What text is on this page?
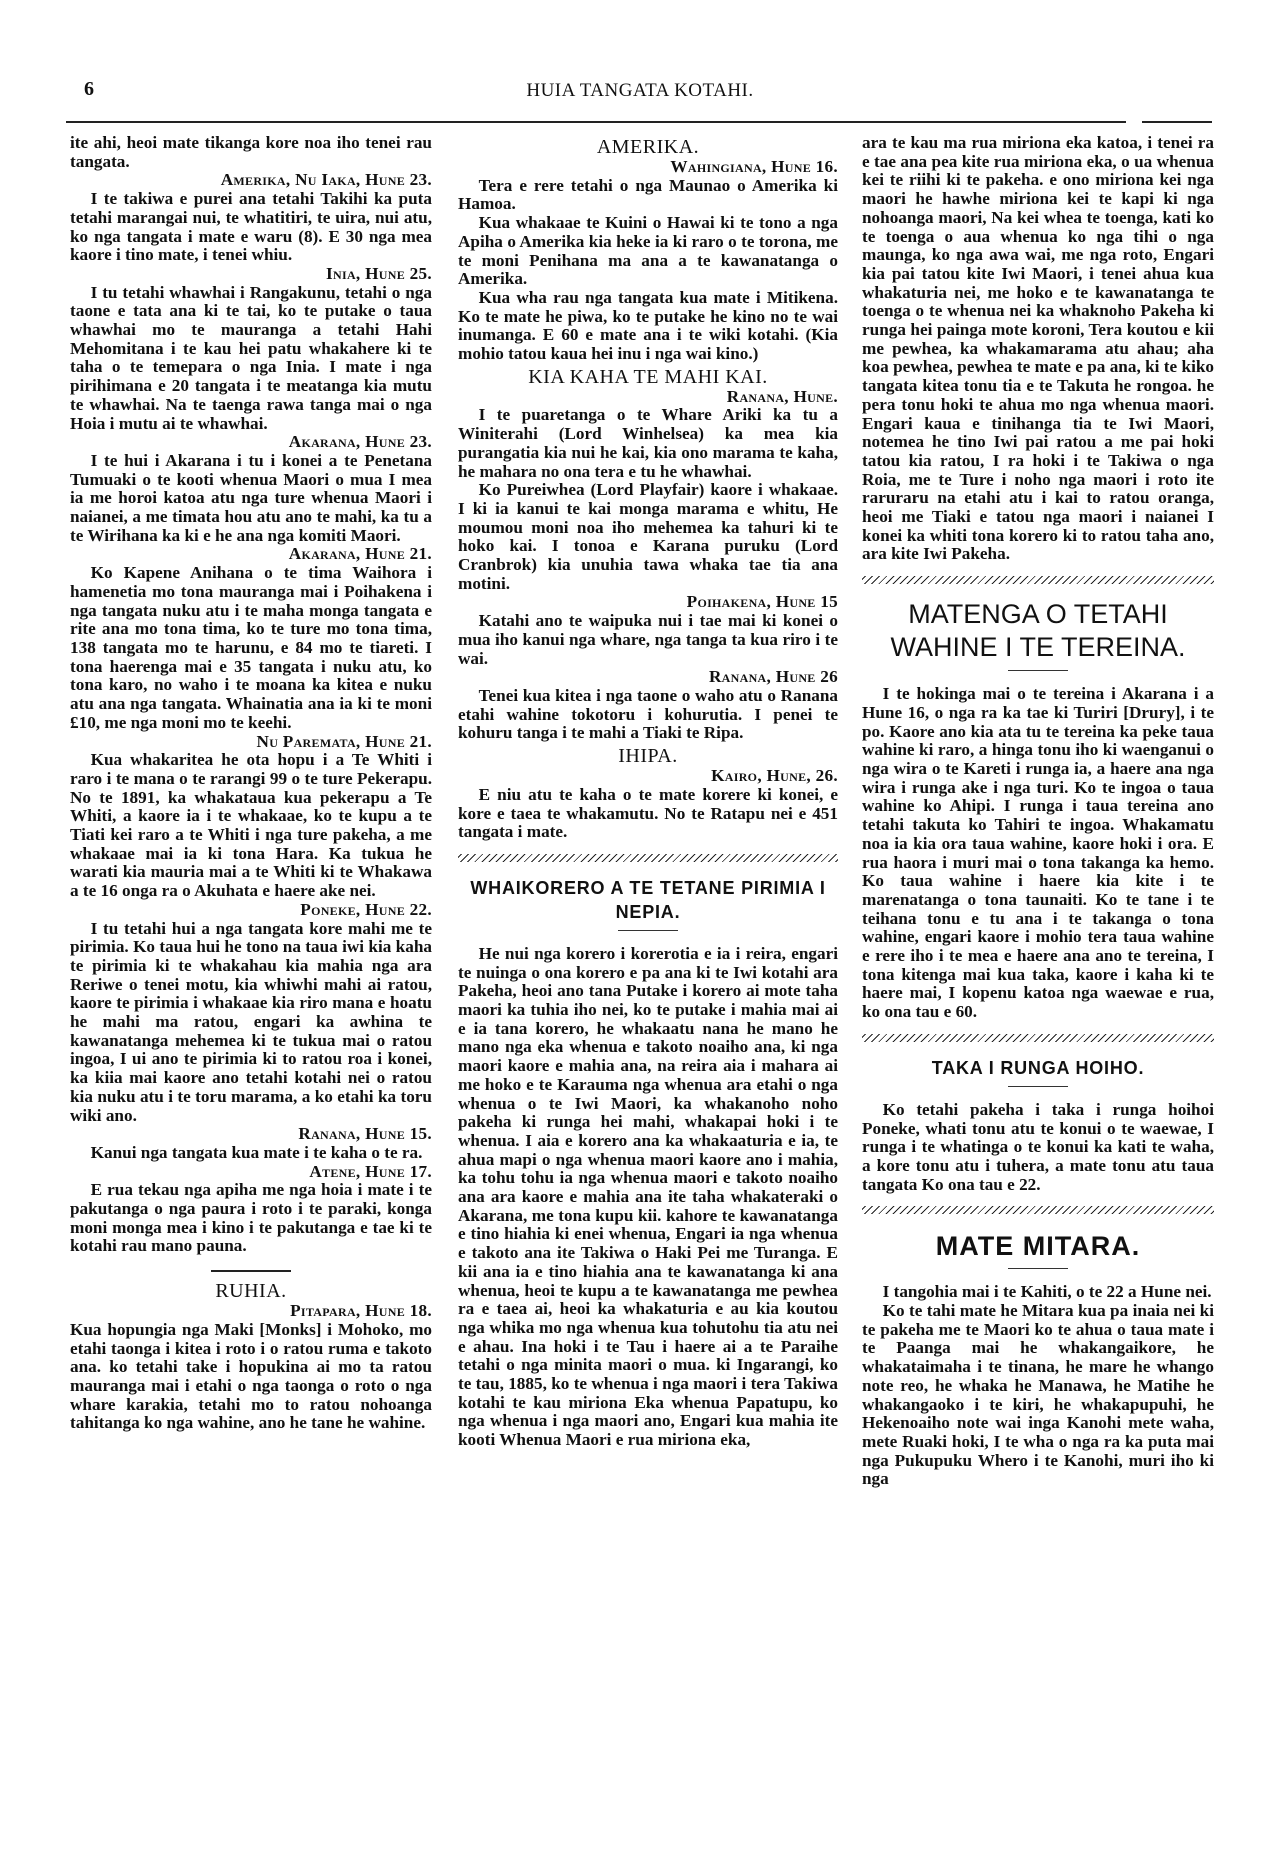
6	HUIA TANGATA KOTAHI.
ite ahi, heoi mate tikanga kore noa iho tenei rau tangata.
Amerika, Nu Iaka, Hune 23.
I te takiwa e purei ana tetahi Takihi ka puta tetahi marangai nui, te whatitiri, te uira, nui atu, ko nga tangata i mate e waru (8). E 30 nga mea kaore i tino mate, i tenei whiu.
Inia, Hune 25.
I tu tetahi whawhai i Rangakunu, tetahi o nga taone e tata ana ki te tai, ko te putake o taua whawhai mo te mauranga a tetahi Hahi Mehomitana i te kau hei patu whakahere ki te taha o te temepara o nga Inia. I mate i nga pirihimana e 20 tangata i te meatanga kia mutu te whawhai. Na te taenga rawa tanga mai o nga Hoia i mutu ai te whawhai.
Akarana, Hune 23.
I te hui i Akarana i tu i konei a te Penetana Tumuaki o te kooti whenua Maori o mua I mea ia me horoi katoa atu nga ture whenua Maori i naianei, a me timata hou atu ano te mahi, ka tu a te Wirihana ka ki e he ana nga komiti Maori.
Akarana, Hune 21.
Ko Kapene Anihana o te tima Waihora i hamenetia mo tona mauranga mai i Poihakena i nga tangata nuku atu i te maha monga tangata e rite ana mo tona tima, ko te ture mo tona tima, 138 tangata mo te harunu, e 84 mo te tiareti. I tona haerenga mai e 35 tangata i nuku atu, ko tona karo, no waho i te moana ka kitea e nuku atu ana nga tangata. Whainatia ana ia ki te moni £10, me nga moni mo te keehi.
Nu Paremata, Hune 21.
Kua whakaritea he ota hopu i a Te Whiti i raro i te mana o te rarangi 99 o te ture Pekerapu. No te 1891, ka whakataua kua pekerapu a Te Whiti, a kaore ia i te whakaae, ko te kupu a te Tiati kei raro a te Whiti i nga ture pakeha, a me whakaae mai ia ki tona Hara. Ka tukua he warati kia mauria mai a te Whiti ki te Whakawa a te 16 onga ra o Akuhata e haere ake nei.
Poneke, Hune 22.
I tu tetahi hui a nga tangata kore mahi me te pirimia. Ko taua hui he tono na taua iwi kia kaha te pirimia ki te whakahau kia mahia nga ara Reriwe o tenei motu, kia whiwhi mahi ai ratou, kaore te pirimia i whakaae kia riro mana e hoatu he mahi ma ratou, engari ka awhina te kawanatanga mehemea ki te tukua mai o ratou ingoa, I ui ano te pirimia ki to ratou roa i konei, ka kiia mai kaore ano tetahi kotahi nei o ratou kia nuku atu i te toru marama, a ko etahi ka toru wiki ano.
Ranana, Hune 15.
Kanui nga tangata kua mate i te kaha o te ra.
Atene, Hune 17.
E rua tekau nga apiha me nga hoia i mate i te pakutanga o nga paura i roto i te paraki, konga moni monga mea i kino i te pakutanga e tae ki te kotahi rau mano pauna.
RUHIA.
Pitapara, Hune 18.
Kua hopungia nga Maki [Monks] i Mohoko, mo etahi taonga i kitea i roto i o ratou ruma e takoto ana. ko tetahi take i hopukina ai mo ta ratou mauranga mai i etahi o nga taonga o roto o nga whare karakia, tetahi mo to ratou nohoanga tahitanga ko nga wahine, ano he tane he wahine.
AMERIKA.
Wahingiana, Hune 16.
Tera e rere tetahi o nga Maunao o Amerika ki Hamoa.
Kua whakaae te Kuini o Hawai ki te tono a nga Apiha o Amerika kia heke ia ki raro o te torona, me te moni Penihana ma ana a te kawanatanga o Amerika.
Kua wha rau nga tangata kua mate i Mitikena. Ko te mate he piwa, ko te putake he kino no te wai inumanga. E 60 e mate ana i te wiki kotahi. (Kia mohio tatou kaua hei inu i nga wai kino.)
KIA KAHA TE MAHI KAI.
Ranana, Hune.
I te puaretanga o te Whare Ariki ka tu a Winiterahi (Lord Winhelsea) ka mea kia purangatia kia nui he kai, kia ono marama te kaha, he mahara no ona tera e tu he whawhai.
Ko Pureiwhea (Lord Playfair) kaore i whakaae. I ki ia kanui te kai monga marama e whitu, He moumou moni noa iho mehemea ka tahuri ki te hoko kai. I tonoa e Karana puruku (Lord Cranbrok) kia unuhia tawa whaka tae tia ana motini.
Poihakena, Hune 15
Katahi ano te waipuka nui i tae mai ki konei o mua iho kanui nga whare, nga tanga ta kua riro i te wai.
Ranana, Hune 26
Tenei kua kitea i nga taone o waho atu o Ranana etahi wahine tokotoru i kohurutia. I penei te kohuru tanga i te mahi a Tiaki te Ripa.
IHIPA.
Kairo, Hune, 26.
E niu atu te kaha o te mate korere ki konei, e kore e taea te whakamutu. No te Ratapu nei e 451 tangata i mate.
WHAIKORERO A TE TETANE PIRIMIA I NEPIA.
He nui nga korero i korerotia e ia i reira, engari te nuinga o ona korero e pa ana ki te Iwi kotahi ara Pakeha, heoi ano tana Putake i korero ai mote taha maori ka tuhia iho nei, ko te putake i mahia mai ai e ia tana korero, he whakaatu nana he mano he mano nga eka whenua e takoto noaiho ana, ki nga maori kaore e mahia ana, na reira aia i mahara ai me hoko e te Karauma nga whenua ara etahi o nga whenua o te Iwi Maori, ka whakanoho noho pakeha ki runga hei mahi, whakapai hoki i te whenua. I aia e korero ana ka whakaaturia e ia, te ahua mapi o nga whenua maori kaore ano i mahia, ka tohu tohu ia nga whenua maori e takoto noaiho ana ara kaore e mahia ana ite taha whakateraki o Akarana, me tona kupu kii. kahore te kawanatanga e tino hiahia ki enei whenua, Engari ia nga whenua e takoto ana ite Takiwa o Haki Pei me Turanga. E kii ana ia e tino hiahia ana te kawanatanga ki ana whenua, heoi te kupu a te kawanatanga me pewhea ra e taea ai, heoi ka whakaturia e au kia koutou nga whika mo nga whenua kua tohutohu tia atu nei e ahau. Ina hoki i te Tau i haere ai a te Paraihe tetahi o nga minita maori o mua. ki Ingarangi, ko te tau, 1885, ko te whenua i nga maori i tera Takiwa kotahi te kau miriona Eka whenua Papatupu, ko nga whenua i nga maori ano, Engari kua mahia ite kooti Whenua Maori e rua miriona eka,
ara te kau ma rua miriona eka katoa, i tenei ra e tae ana pea kite rua miriona eka, o ua whenua kei te riihi ki te pakeha. e ono miriona kei nga maori he hawhe miriona kei te kapi ki nga nohoanga maori, Na kei whea te toenga, kati ko te toenga o aua whenua ko nga tihi o nga maunga, ko nga awa wai, me nga roto, Engari kia pai tatou kite Iwi Maori, i tenei ahua kua whakaturia nei, me hoko e te kawanatanga te toenga o te whenua nei ka whaknoho Pakeha ki runga hei painga mote koroni, Tera koutou e kii me pewhea, ka whakamarama atu ahau; aha koa pewhea, pewhea te mate e pa ana, ki te kiko tangata kitea tonu tia e te Takuta he rongoa. he pera tonu hoki te ahua mo nga whenua maori. Engari kaua e tinihanga tia te Iwi Maori, notemea he tino Iwi pai ratou a me pai hoki tatou kia ratou, I ra hoki i te Takiwa o nga Roia, me te Ture i noho nga maori i roto ite raruraru na etahi atu i kai to ratou oranga, heoi me Tiaki e tatou nga maori i naianei I konei ka whiti tona korero ki to ratou taha ano, ara kite Iwi Pakeha.
MATENGA O TETAHI WAHINE I TE TEREINA.
I te hokinga mai o te tereina i Akarana i a Hune 16, o nga ra ka tae ki Turiri [Drury], i te po. Kaore ano kia ata tu te tereina ka peke taua wahine ki raro, a hinga tonu iho ki waenganui o nga wira o te Kareti i runga ia, a haere ana nga wira i runga ake i nga turi. Ko te ingoa o taua wahine ko Ahipi. I runga i taua tereina ano tetahi takuta ko Tahiri te ingoa. Whakamatu noa ia kia ora taua wahine, kaore hoki i ora. E rua haora i muri mai o tona takanga ka hemo. Ko taua wahine i haere kia kite i te marenatanga o tona taunaiti. Ko te tane i te teihana tonu e tu ana i te takanga o tona wahine, engari kaore i mohio tera taua wahine e rere iho i te mea e haere ana ano te tereina, I tona kitenga mai kua taka, kaore i kaha ki te haere mai, I kopenu katoa nga waewae e rua, ko ona tau e 60.
TAKA I RUNGA HOIHO.
Ko tetahi pakeha i taka i runga hoihoi Poneke, whati tonu atu te konui o te waewae, I runga i te whatinga o te konui ka kati te waha, a kore tonu atu i tuhera, a mate tonu atu taua tangata Ko ona tau e 22.
MATE MITARA.
I tangohia mai i te Kahiti, o te 22 a Hune nei.
Ko te tahi mate he Mitara kua pa inaia nei ki te pakeha me te Maori ko te ahua o taua mate i te Paanga mai he whakangaikore, he whakataimaha i te tinana, he mare he whango note reo, he whaka he Manawa, he Matihe he whakangaoko i te kiri, he whakapupuhi, he Hekenoaiho note wai inga Kanohi mete waha, mete Ruaki hoki, I te wha o nga ra ka puta mai nga Pukupuku Whero i te Kanohi, muri iho ki nga
